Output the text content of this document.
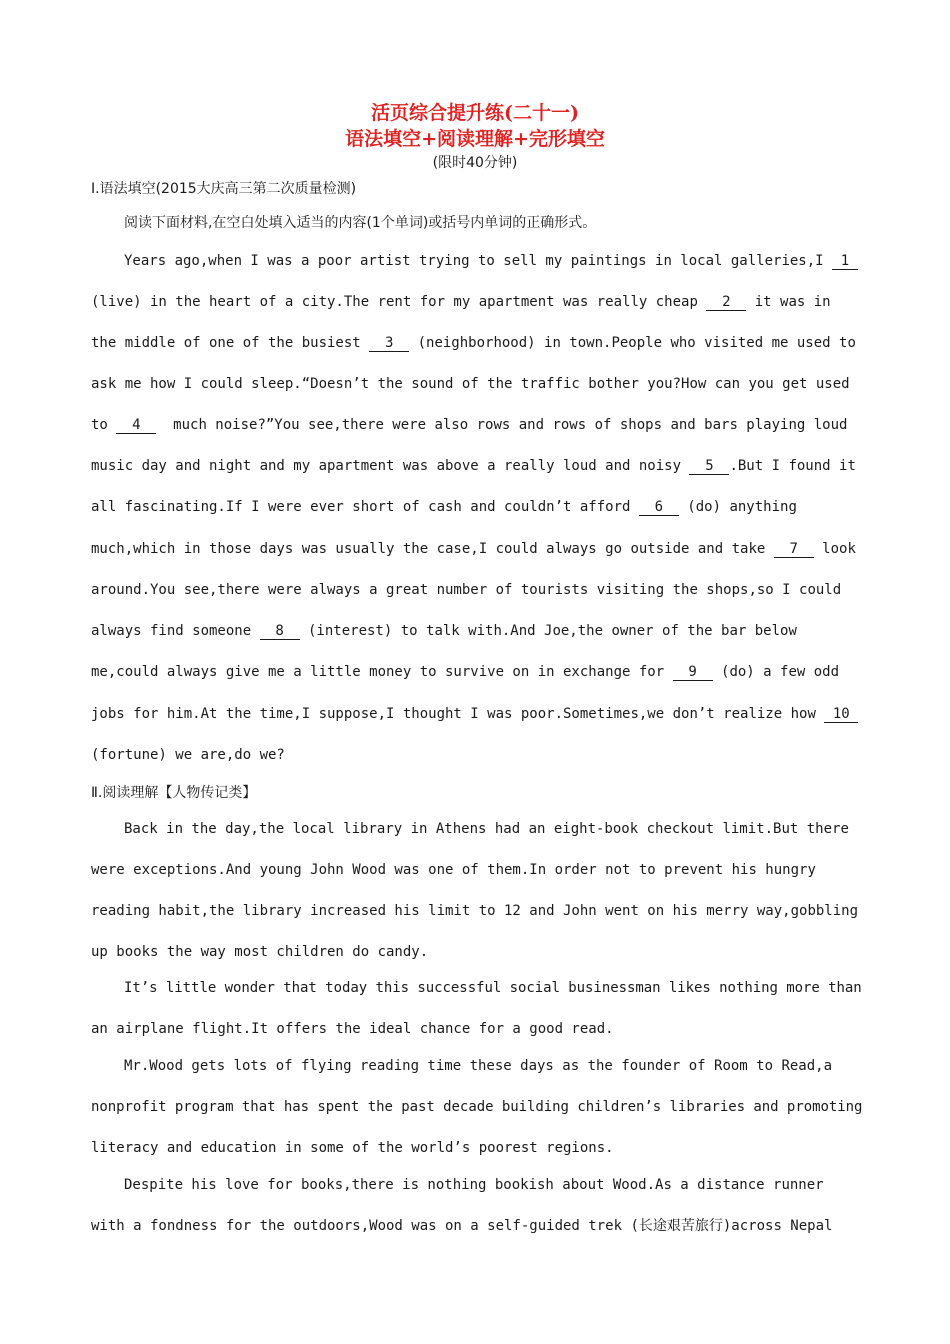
活页综合提升练(二十一)
语法填空+阅读理解+完形填空
(限时40分钟)
Ⅰ.语法填空(2015大庆高三第二次质量检测)
阅读下面材料,在空白处填入适当的内容(1个单词)或括号内单词的正确形式。
Years ago,when I was a poor artist trying to sell my paintings in local galleries,I 1
(live) in the heart of a city.The rent for my apartment was really cheap 2 it was in
the middle of one of the busiest 3 (neighborhood) in town.People who visited me used to
ask me how I could sleep.“Doesn’t the sound of the traffic bother you?How can you get used
to 4  much noise?”You see,there were also rows and rows of shops and bars playing loud
music day and night and my apartment was above a really loud and noisy 5 .But I found it
all fascinating.If I were ever short of cash and couldn’t afford 6 (do) anything
much,which in those days was usually the case,I could always go outside and take 7 look
around.You see,there were always a great number of tourists visiting the shops,so I could
always find someone 8 (interest) to talk with.And Joe,the owner of the bar below
me,could always give me a little money to survive on in exchange for 9 (do) a few odd
jobs for him.At the time,I suppose,I thought I was poor.Sometimes,we don’t realize how 10
(fortune) we are,do we?
Ⅱ.阅读理解【人物传记类】
Back in the day,the local library in Athens had an eight-book checkout limit.But there
were exceptions.And young John Wood was one of them.In order not to prevent his hungry
reading habit,the library increased his limit to 12 and John went on his merry way,gobbling
up books the way most children do candy.
It’s little wonder that today this successful social businessman likes nothing more than
an airplane flight.It offers the ideal chance for a good read.
Mr.Wood gets lots of flying reading time these days as the founder of Room to Read,a
nonprofit program that has spent the past decade building children’s libraries and promoting
literacy and education in some of the world’s poorest regions.
Despite his love for books,there is nothing bookish about Wood.As a distance runner
with a fondness for the outdoors,Wood was on a self-guided trek (长途艰苦旅行)across Nepal
